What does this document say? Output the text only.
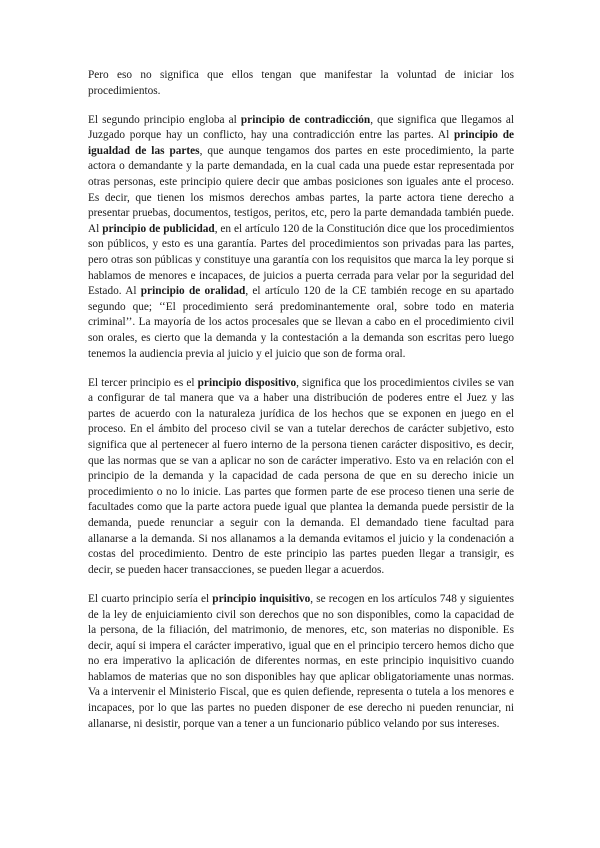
Pero eso no significa que ellos tengan que manifestar la voluntad de iniciar los procedimientos.

El segundo principio engloba al principio de contradicción, que significa que llegamos al Juzgado porque hay un conflicto, hay una contradicción entre las partes. Al principio de igualdad de las partes, que aunque tengamos dos partes en este procedimiento, la parte actora o demandante y la parte demandada, en la cual cada una puede estar representada por otras personas, este principio quiere decir que ambas posiciones son iguales ante el proceso. Es decir, que tienen los mismos derechos ambas partes, la parte actora tiene derecho a presentar pruebas, documentos, testigos, peritos, etc, pero la parte demandada también puede. Al principio de publicidad, en el artículo 120 de la Constitución dice que los procedimientos son públicos, y esto es una garantía. Partes del procedimientos son privadas para las partes, pero otras son públicas y constituye una garantía con los requisitos que marca la ley porque si hablamos de menores e incapaces, de juicios a puerta cerrada para velar por la seguridad del Estado. Al principio de oralidad, el artículo 120 de la CE también recoge en su apartado segundo que; ‘‘El procedimiento será predominantemente oral, sobre todo en materia criminal’’. La mayoría de los actos procesales que se llevan a cabo en el procedimiento civil son orales, es cierto que la demanda y la contestación a la demanda son escritas pero luego tenemos la audiencia previa al juicio y el juicio que son de forma oral.

El tercer principio es el principio dispositivo, significa que los procedimientos civiles se van a configurar de tal manera que va a haber una distribución de poderes entre el Juez y las partes de acuerdo con la naturaleza jurídica de los hechos que se exponen en juego en el proceso. En el ámbito del proceso civil se van a tutelar derechos de carácter subjetivo, esto significa que al pertenecer al fuero interno de la persona tienen carácter dispositivo, es decir, que las normas que se van a aplicar no son de carácter imperativo. Esto va en relación con el principio de la demanda y la capacidad de cada persona de que en su derecho inicie un procedimiento o no lo inicie. Las partes que formen parte de ese proceso tienen una serie de facultades como que la parte actora puede igual que plantea la demanda puede persistir de la demanda, puede renunciar a seguir con la demanda. El demandado tiene facultad para allanarse a la demanda. Si nos allanamos a la demanda evitamos el juicio y la condenación a costas del procedimiento. Dentro de este principio las partes pueden llegar a transigir, es decir, se pueden hacer transacciones, se pueden llegar a acuerdos.

El cuarto principio sería el principio inquisitivo, se recogen en los artículos 748 y siguientes de la ley de enjuiciamiento civil son derechos que no son disponibles, como la capacidad de la persona, de la filiación, del matrimonio, de menores, etc, son materias no disponible. Es decir, aquí si impera el carácter imperativo, igual que en el principio tercero hemos dicho que no era imperativo la aplicación de diferentes normas, en este principio inquisitivo cuando hablamos de materias que no son disponibles hay que aplicar obligatoriamente unas normas. Va a intervenir el Ministerio Fiscal, que es quien defiende, representa o tutela a los menores e incapaces, por lo que las partes no pueden disponer de ese derecho ni pueden renunciar, ni allanarse, ni desistir, porque van a tener a un funcionario público velando por sus intereses.
